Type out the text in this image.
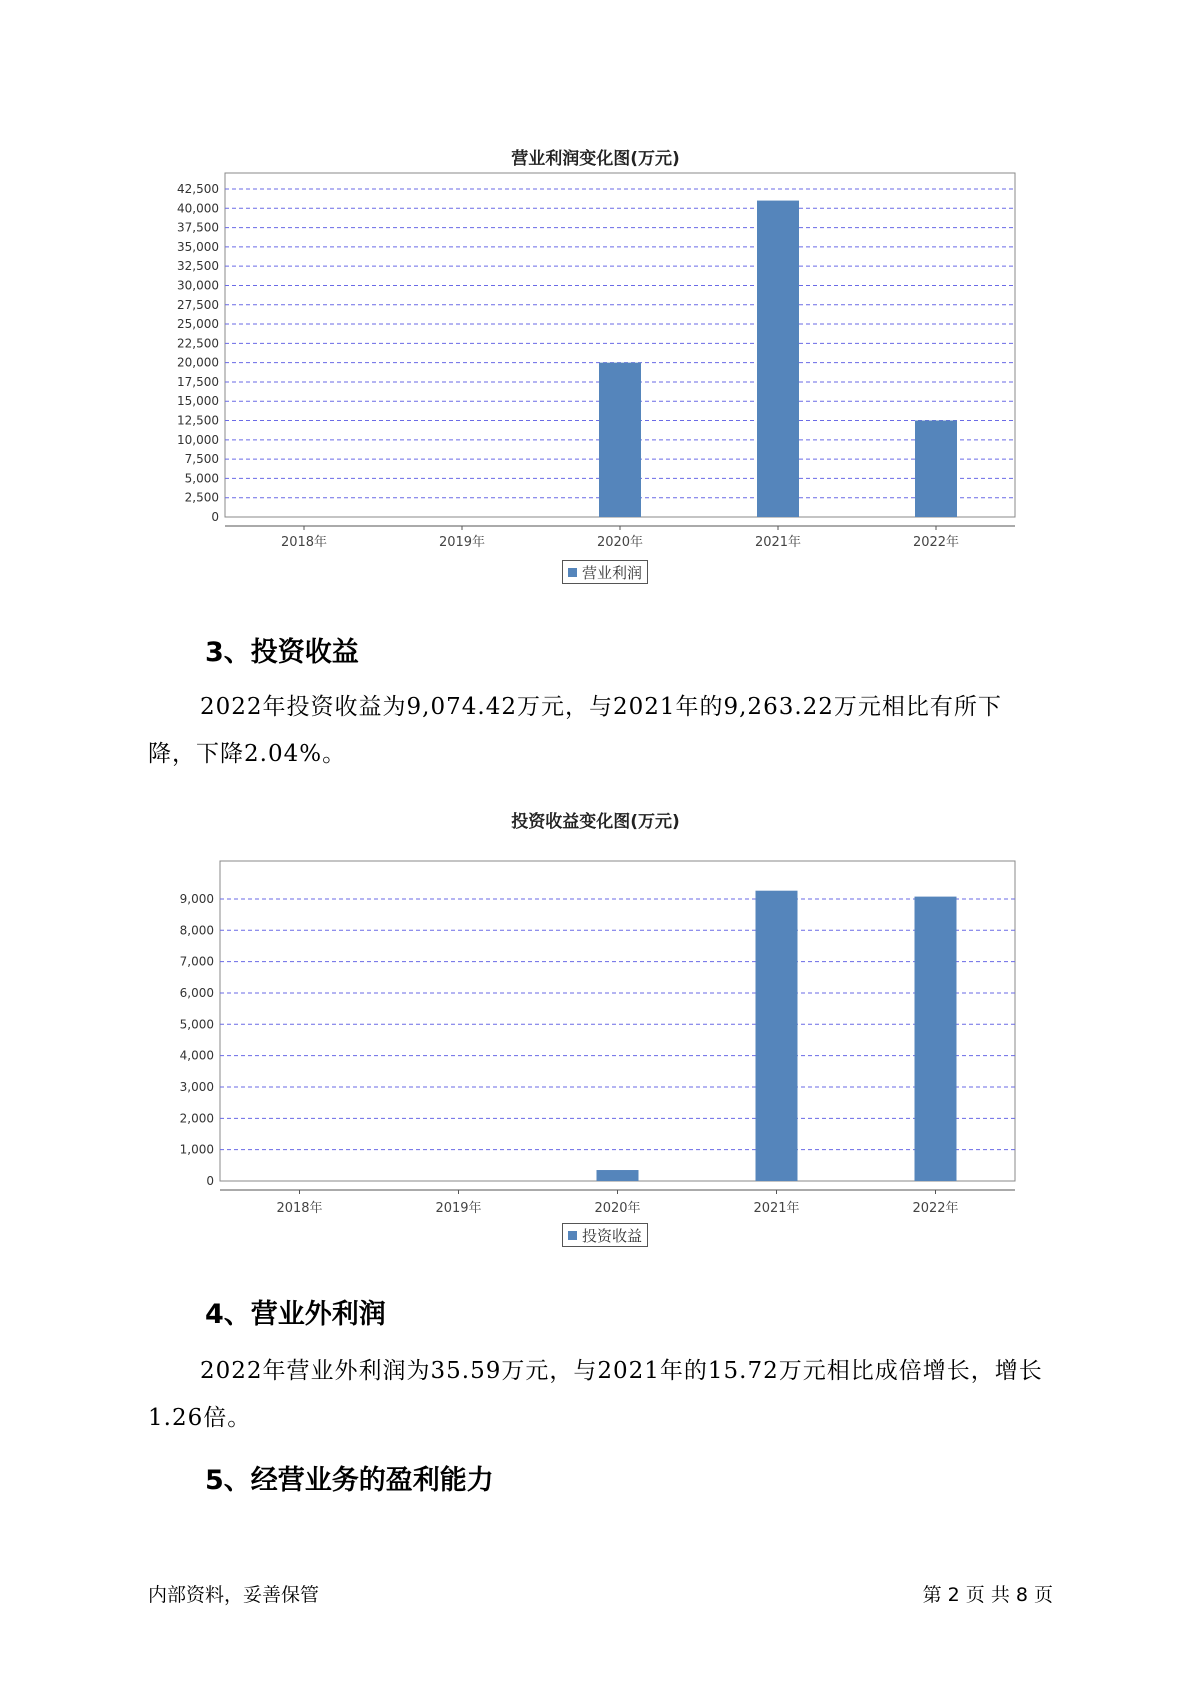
营业利润变化图(万元)
0
2,500
5,000
7,500
10,000
12,500
15,000
17,500
20,000
22,500
25,000
27,500
30,000
32,500
35,000
37,500
40,000
42,500
2018年	2019年	2020年	2021年	2022年
营业利润
3、投资收益
2022年投资收益为9,074.42万元，与2021年的9,263.22万元相比有所下降，下降2.04%。
投资收益变化图(万元)
0
1,000
2,000
3,000
4,000
5,000
6,000
7,000
8,000
9,000
2018年	2019年	2020年	2021年	2022年
投资收益
4、营业外利润
2022年营业外利润为35.59万元，与2021年的15.72万元相比成倍增长，增长1.26倍。
5、经营业务的盈利能力
内部资料，妥善保管	第 2 页 共 8 页
